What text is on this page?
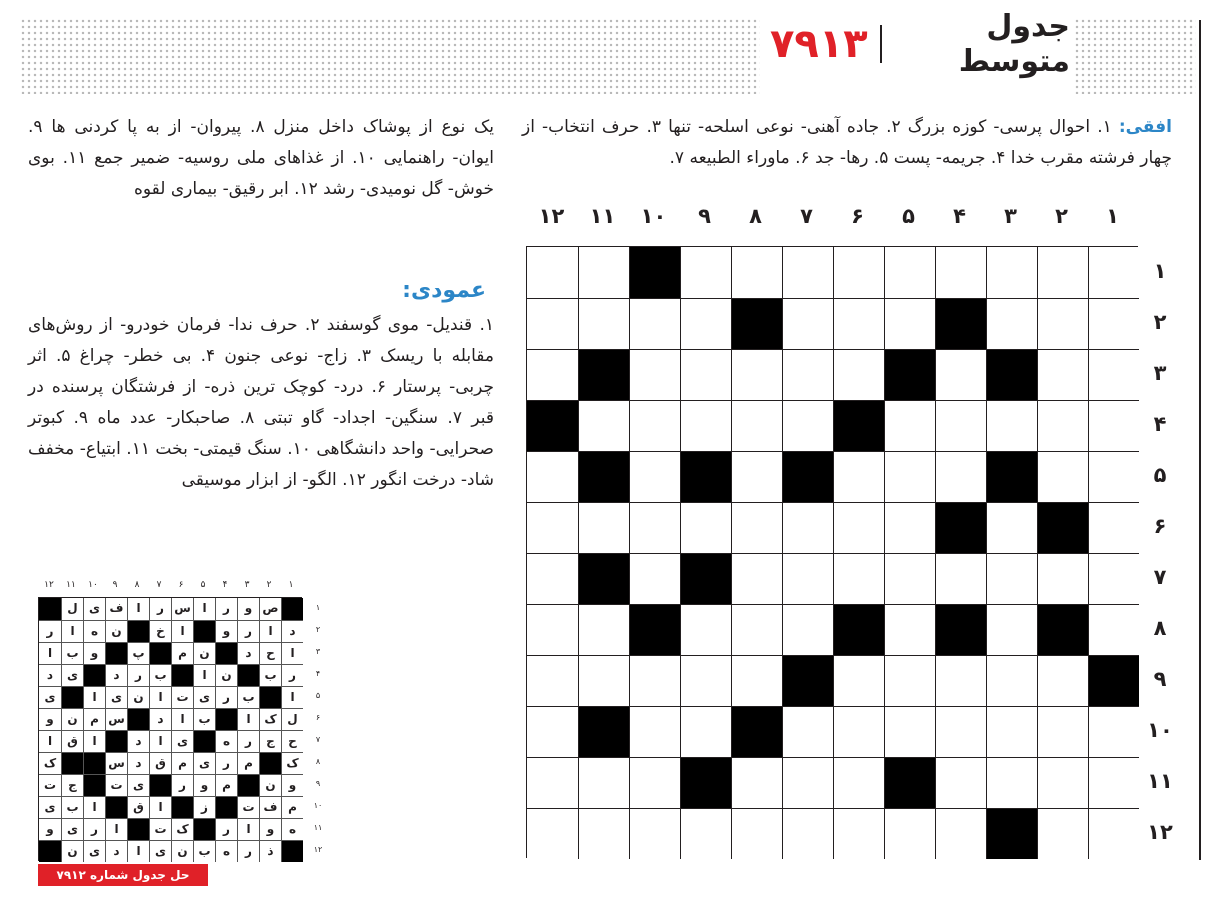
۷۹۱۳	جدول متوسط
افقی: ۱. احوال پرسی- کوزه بزرگ ۲. جاده آهنی- نوعی اسلحه- تنها ۳. حرف انتخاب- از چهار فرشته مقرب خدا ۴. جریمه- پست ۵. رها- جد ۶. ماوراء الطبیعه ۷.
یک نوع از پوشاک داخل منزل ۸. پیروان- از به پا کردنی ها ۹. ایوان- راهنمایی ۱۰. از غذاهای ملی روسیه- ضمیر جمع ۱۱. بوی خوش- گل نومیدی- رشد ۱۲. ابر رقیق- بیماری لقوه
عمودی:
۱. قندیل- موی گوسفند ۲. حرف ندا- فرمان خودرو- از روش‌های مقابله با ریسک ۳. زاج- نوعی جنون ۴. بی خطر- چراغ ۵. اثر چربی- پرستار ۶. درد- کوچک ترین ذره- از فرشتگان پرسنده در قبر ۷. سنگین- اجداد- گاو تبتی ۸. صاحبکار- عدد ماه ۹. کبوتر صحرایی- واحد دانشگاهی ۱۰. سنگ قیمتی- بخت ۱۱. ابتیاع- مخفف شاد- درخت انگور ۱۲. الگو- از ابزار موسیقی
۱
۲
۳
۴
۵
۶
۷
۸
۹
۱۰
۱۱
۱۲
۱
۲
۳
۴
۵
۶
۷
۸
۹
۱۰
۱۱
۱۲
۱
۲
۳
۴
۵
۶
۷
۸
۹
۱۰
۱۱
۱۲
۱
۲
۳
۴
۵
۶
۷
۸
۹
۱۰
۱۱
۱۲
ص
و
ر
ا
س
ر
ا
ف
ی
ل
د
ا
ر
و
ا
خ
ن
ه
ا
ر
ا
ح
د
ن
م
پ
و
ب
ا
ر
ب
ن
ا
ب
ر
د
ی
د
ا
ب
ر
ی
ت
ا
ن
ی
ا
ی
ل
ک
ا
ب
ا
د
س
م
ن
و
ح
ج
ر
ه
ی
ا
د
ا
ق
ا
ک
م
ر
ی
م
ق
د
س
ک
و
ن
م
و
ر
ی
ت
ج
ت
م
ف
ت
ز
ا
ق
ا
ب
ی
ه
و
ا
ر
ک
ت
ا
ر
ی
و
ذ
ر
ه
ب
ن
ی
ا
د
ی
ن
حل جدول شماره ۷۹۱۲
